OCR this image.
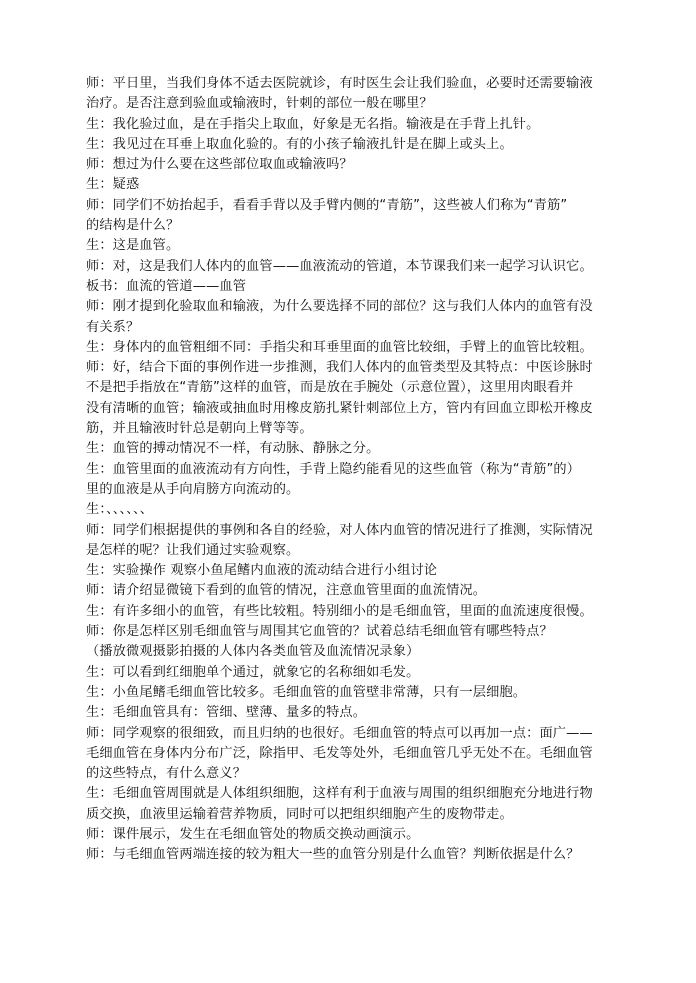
师：平日里，当我们身体不适去医院就诊，有时医生会让我们验血，必要时还需要输液
治疗。是否注意到验血或输液时，针刺的部位一般在哪里？
生：我化验过血，是在手指尖上取血，好象是无名指。输液是在手背上扎针。
生：我见过在耳垂上取血化验的。有的小孩子输液扎针是在脚上或头上。
师：想过为什么要在这些部位取血或输液吗？
生：疑惑
师：同学们不妨抬起手，看看手背以及手臂内侧的“青筋”，这些被人们称为“青筋”
的结构是什么？
生：这是血管。
师：对，这是我们人体内的血管——血液流动的管道，本节课我们来一起学习认识它。
板书：血流的管道——血管
师：刚才提到化验取血和输液，为什么要选择不同的部位？这与我们人体内的血管有没
有关系？
生：身体内的血管粗细不同：手指尖和耳垂里面的血管比较细，手臂上的血管比较粗。
师：好，结合下面的事例作进一步推测，我们人体内的血管类型及其特点：中医诊脉时
不是把手指放在“青筋”这样的血管，而是放在手腕处（示意位置），这里用肉眼看并
没有清晰的血管；输液或抽血时用橡皮筋扎紧针刺部位上方，管内有回血立即松开橡皮
筋，并且输液时针总是朝向上臂等等。
生：血管的搏动情况不一样，有动脉、静脉之分。
生：血管里面的血液流动有方向性，手背上隐约能看见的这些血管（称为“青筋”的）
里的血液是从手向肩膀方向流动的。
生：、、、、、、
师：同学们根据提供的事例和各自的经验，对人体内血管的情况进行了推测，实际情况
是怎样的呢？让我们通过实验观察。
生：实验操作 观察小鱼尾鳍内血液的流动结合进行小组讨论
师：请介绍显微镜下看到的血管的情况，注意血管里面的血流情况。
生：有许多细小的血管，有些比较粗。特别细小的是毛细血管，里面的血流速度很慢。
师：你是怎样区别毛细血管与周围其它血管的？试着总结毛细血管有哪些特点？
（播放微观摄影拍摄的人体内各类血管及血流情况录象）
生：可以看到红细胞单个通过，就象它的名称细如毛发。
生：小鱼尾鳍毛细血管比较多。毛细血管的血管壁非常薄，只有一层细胞。
生：毛细血管具有：管细、壁薄、量多的特点。
师：同学观察的很细致，而且归纳的也很好。毛细血管的特点可以再加一点：面广——
毛细血管在身体内分布广泛，除指甲、毛发等处外，毛细血管几乎无处不在。毛细血管
的这些特点，有什么意义？
生：毛细血管周围就是人体组织细胞，这样有利于血液与周围的组织细胞充分地进行物
质交换，血液里运输着营养物质，同时可以把组织细胞产生的废物带走。
师：课件展示，发生在毛细血管处的物质交换动画演示。
师：与毛细血管两端连接的较为粗大一些的血管分别是什么血管？判断依据是什么？
